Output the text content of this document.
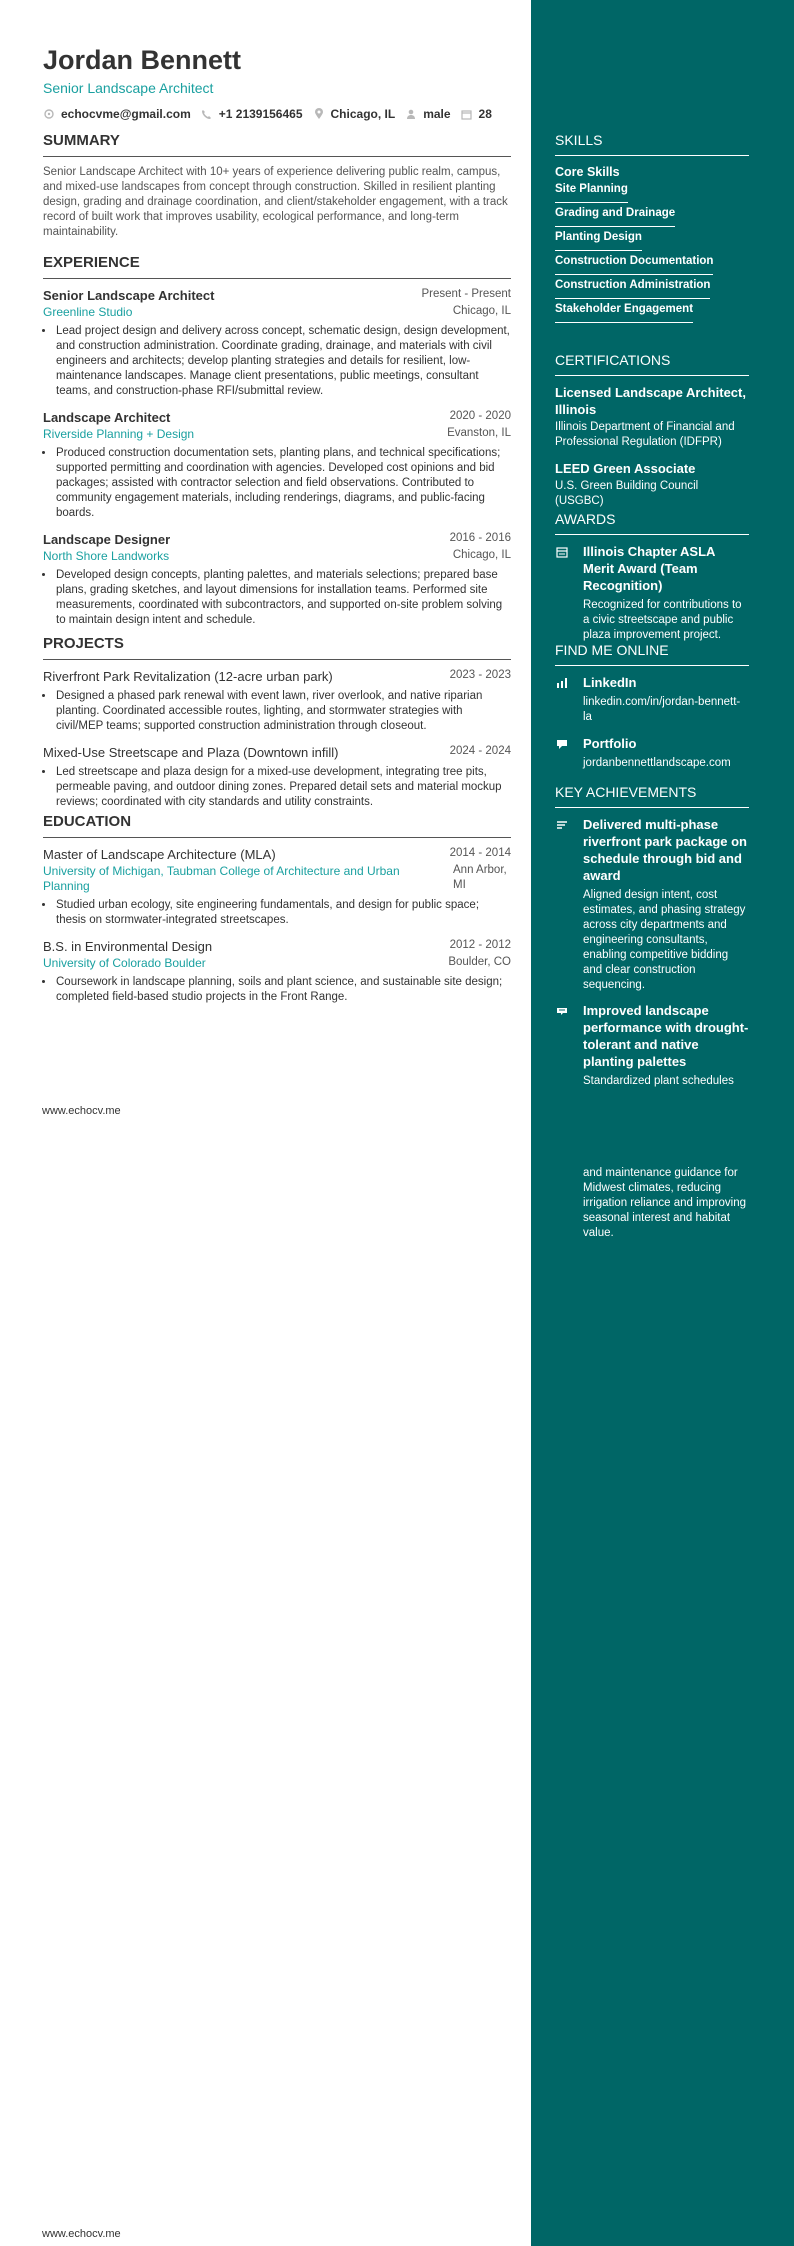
Jordan Bennett
Senior Landscape Architect
echocvme@gmail.com +1 2139156465 Chicago, IL male 28
SUMMARY

Senior Landscape Architect with 10+ years of experience delivering public realm, campus, and mixed-use landscapes from concept through construction. Skilled in resilient planting design, grading and drainage coordination, and client/stakeholder engagement, with a track record of built work that improves usability, ecological performance, and long-term maintainability.

EXPERIENCE
Senior Landscape Architect	Present - Present
Greenline Studio	Chicago, IL
• Lead project design and delivery across concept, schematic design, design development, and construction administration. Coordinate grading, drainage, and materials with civil engineers and architects; develop planting strategies and details for resilient, low-maintenance landscapes. Manage client presentations, public meetings, consultant teams, and construction-phase RFI/submittal review.
Landscape Architect	2020 - 2020
Riverside Planning + Design	Evanston, IL
• Produced construction documentation sets, planting plans, and technical specifications; supported permitting and coordination with agencies. Developed cost opinions and bid packages; assisted with contractor selection and field observations. Contributed to community engagement materials, including renderings, diagrams, and public-facing boards.
Landscape Designer	2016 - 2016
North Shore Landworks	Chicago, IL
• Developed design concepts, planting palettes, and materials selections; prepared base plans, grading sketches, and layout dimensions for installation teams. Performed site measurements, coordinated with subcontractors, and supported on-site problem solving to maintain design intent and schedule.
PROJECTS
Riverfront Park Revitalization (12-acre urban park)	2023 - 2023
• Designed a phased park renewal with event lawn, river overlook, and native riparian planting. Coordinated accessible routes, lighting, and stormwater strategies with civil/MEP teams; supported construction administration through closeout.
Mixed-Use Streetscape and Plaza (Downtown infill)	2024 - 2024
• Led streetscape and plaza design for a mixed-use development, integrating tree pits, permeable paving, and outdoor dining zones. Prepared detail sets and material mockup reviews; coordinated with city standards and utility constraints.
EDUCATION
Master of Landscape Architecture (MLA)	2014 - 2014
University of Michigan, Taubman College of Architecture and Urban Planning
Ann Arbor, MI
• Studied urban ecology, site engineering fundamentals, and design for public space; thesis on stormwater-integrated streetscapes.
B.S. in Environmental Design	2012 - 2012
University of Colorado Boulder	Boulder, CO
• Coursework in landscape planning, soils and plant science, and sustainable site design; completed field-based studio projects in the Front Range.
www.echocv.me
www.echocv.me
SKILLS
Core Skills
Site Planning
Grading and Drainage
Planting Design
Construction Documentation
Construction Administration
Stakeholder Engagement
CERTIFICATIONS
Licensed Landscape Architect, Illinois
Illinois Department of Financial and Professional Regulation (IDFPR)
LEED Green Associate
U.S. Green Building Council (USGBC)
AWARDS
Illinois Chapter ASLA Merit Award (Team Recognition)
Recognized for contributions to a civic streetscape and public plaza improvement project.
FIND ME ONLINE
LinkedIn
linkedin.com/in/jordan-bennett-la
Portfolio
jordanbennettlandscape.com
KEY ACHIEVEMENTS
Delivered multi-phase riverfront park package on schedule through bid and award
Aligned design intent, cost estimates, and phasing strategy across city departments and engineering consultants, enabling competitive bidding and clear construction sequencing.
Improved landscape performance with drought-tolerant and native planting palettes
Standardized plant schedules
and maintenance guidance for Midwest climates, reducing irrigation reliance and improving seasonal interest and habitat value.
